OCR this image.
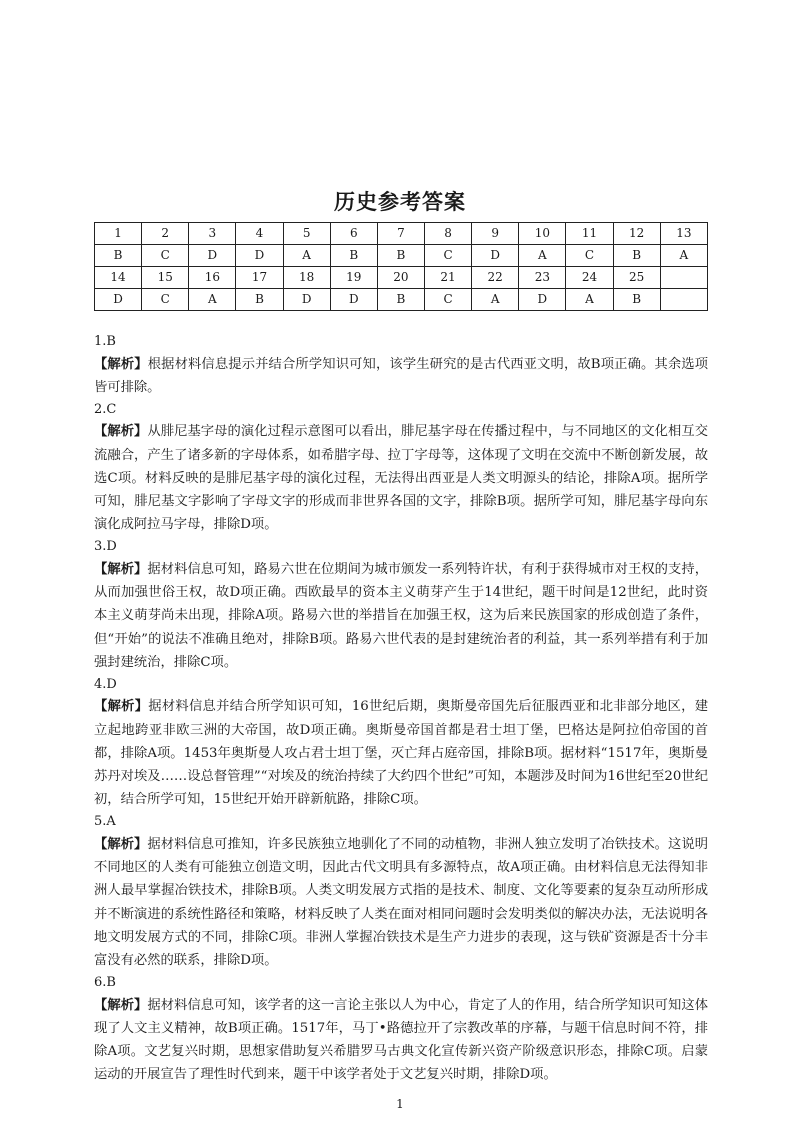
历史参考答案
1	2	3	4	5	6	7	8	9	10	11	12	13
B	C	D	D	A	B	B	C	D	A	C	B	A
14	15	16	17	18	19	20	21	22	23	24	25	
D	C	A	B	D	D	B	C	A	D	A	B	
1.B

【解析】根据材料信息提示并结合所学知识可知，该学生研究的是古代西亚文明，故B项正确。其余选项皆可排除。

2.C

【解析】从腓尼基字母的演化过程示意图可以看出，腓尼基字母在传播过程中，与不同地区的文化相互交流融合，产生了诸多新的字母体系，如希腊字母、拉丁字母等，这体现了文明在交流中不断创新发展，故选C项。材料反映的是腓尼基字母的演化过程，无法得出西亚是人类文明源头的结论，排除A项。据所学可知，腓尼基文字影响了字母文字的形成而非世界各国的文字，排除B项。据所学可知，腓尼基字母向东演化成阿拉马字母，排除D项。

3.D

【解析】据材料信息可知，路易六世在位期间为城市颁发一系列特许状，有利于获得城市对王权的支持，从而加强世俗王权，故D项正确。西欧最早的资本主义萌芽产生于14世纪，题干时间是12世纪，此时资本主义萌芽尚未出现，排除A项。路易六世的举措旨在加强王权，这为后来民族国家的形成创造了条件，但“开始”的说法不准确且绝对，排除B项。路易六世代表的是封建统治者的利益，其一系列举措有利于加强封建统治，排除C项。

4.D

【解析】据材料信息并结合所学知识可知，16世纪后期，奥斯曼帝国先后征服西亚和北非部分地区，建立起地跨亚非欧三洲的大帝国，故D项正确。奥斯曼帝国首都是君士坦丁堡，巴格达是阿拉伯帝国的首都，排除A项。1453年奥斯曼人攻占君士坦丁堡，灭亡拜占庭帝国，排除B项。据材料“1517年，奥斯曼苏丹对埃及……设总督管理”“对埃及的统治持续了大约四个世纪”可知，本题涉及时间为16世纪至20世纪初，结合所学可知，15世纪开始开辟新航路，排除C项。

5.A

【解析】据材料信息可推知，许多民族独立地驯化了不同的动植物，非洲人独立发明了冶铁技术。这说明不同地区的人类有可能独立创造文明，因此古代文明具有多源特点，故A项正确。由材料信息无法得知非洲人最早掌握冶铁技术，排除B项。人类文明发展方式指的是技术、制度、文化等要素的复杂互动所形成并不断演进的系统性路径和策略，材料反映了人类在面对相同问题时会发明类似的解决办法，无法说明各地文明发展方式的不同，排除C项。非洲人掌握冶铁技术是生产力进步的表现，这与铁矿资源是否十分丰富没有必然的联系，排除D项。

6.B

【解析】据材料信息可知，该学者的这一言论主张以人为中心，肯定了人的作用，结合所学知识可知这体现了人文主义精神，故B项正确。1517年，马丁•路德拉开了宗教改革的序幕，与题干信息时间不符，排除A项。文艺复兴时期，思想家借助复兴希腊罗马古典文化宣传新兴资产阶级意识形态，排除C项。启蒙运动的开展宣告了理性时代到来，题干中该学者处于文艺复兴时期，排除D项。

1
